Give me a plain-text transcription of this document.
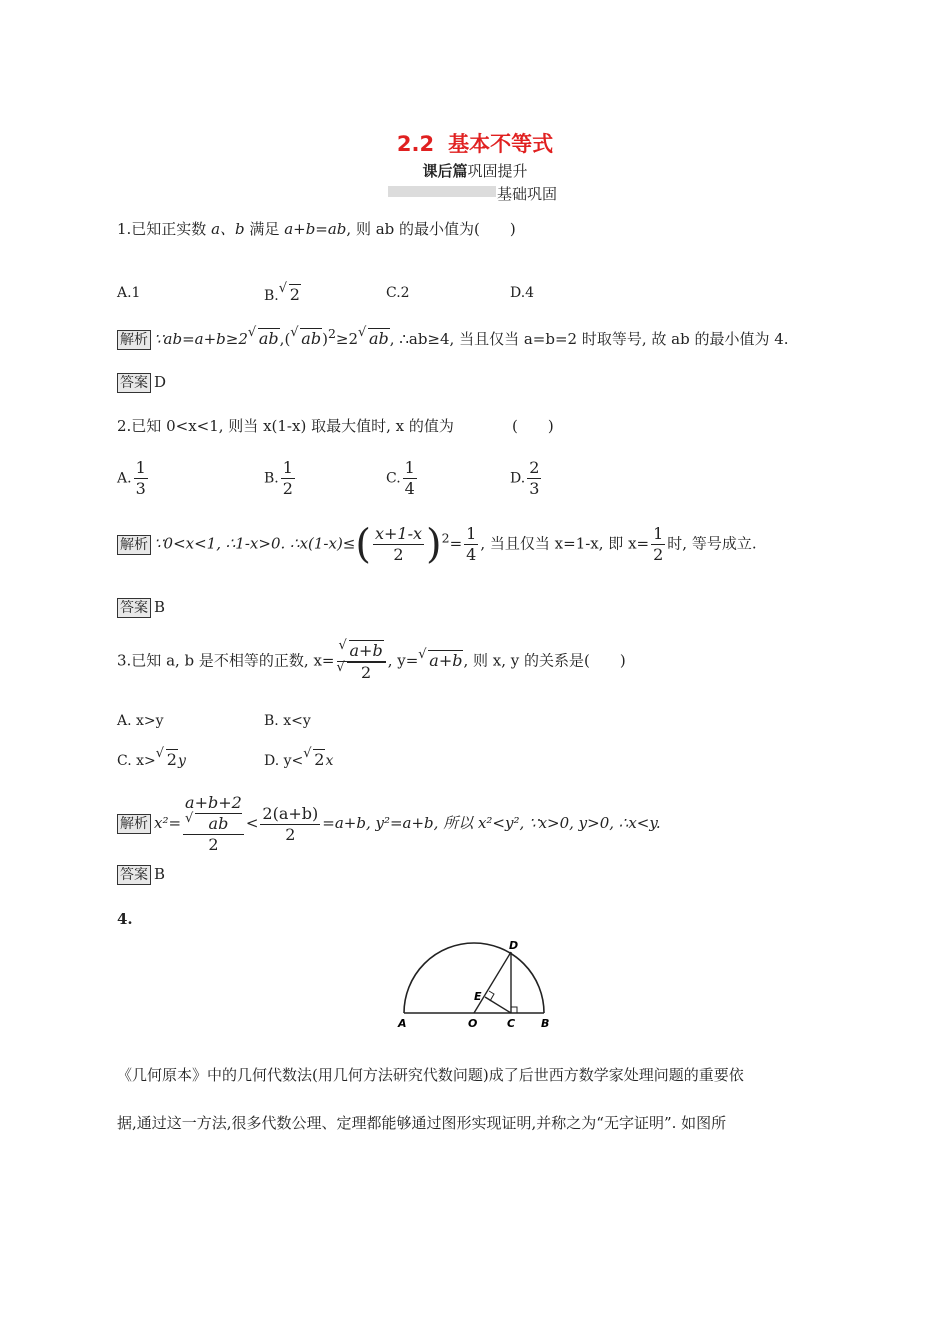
2.2 基本不等式
课后篇巩固提升
基础巩固
1.已知正实数 a、b 满足 a+b=ab, 则 ab 的最小值为(　　)
A.1	B. √ 2	C.2	D.4
解析 ∵ab=a+b≥2 √ ab,( √ ab)$^2$≥2 √ ab, ∴ab≥4, 当且仅当 a=b=2 时取等号, 故 ab 的最小值为 4.
答案 D
2.已知 0<x<1, 则当 x(1-x) 取最大值时, x 的值为	(　　)
A. $\frac{1}{3}$	B. $\frac{1}{2}$	C. $\frac{1}{4}$	D. $\frac{2}{3}$
解析 ∵0<x<1, ∴1-x>0. ∴x(1-x)≤( $\frac{x+1-x}{2} )^2= \frac{1}{4}$ , 当且仅当 x=1-x, 即 $x= \frac{1}{2}$ 时, 等号成立.
答案 B
3.已知 a, b 是不相等的正数, x= √ a+b
√	2 , y= √ a+b, 则 x, y 的关系是(　　)
A. x>y	B. x<y
C. x> √ 2y	D. y< √ 2x
解析 x²= a+b+2
√ ab
$2 < \frac{2(a+b)}{2} =a+b$, y²=a+b, 所以 x²<y², ∵x>0, y>0, ∴x<y.
答案 B
4.
A	O	C B
D
E
《几何原本》中的几何代数法(用几何方法研究代数问题)成了后世西方数学家处理问题的重要依
据,通过这一方法,很多代数公理、定理都能够通过图形实现证明,并称之为“无字证明”. 如图所
